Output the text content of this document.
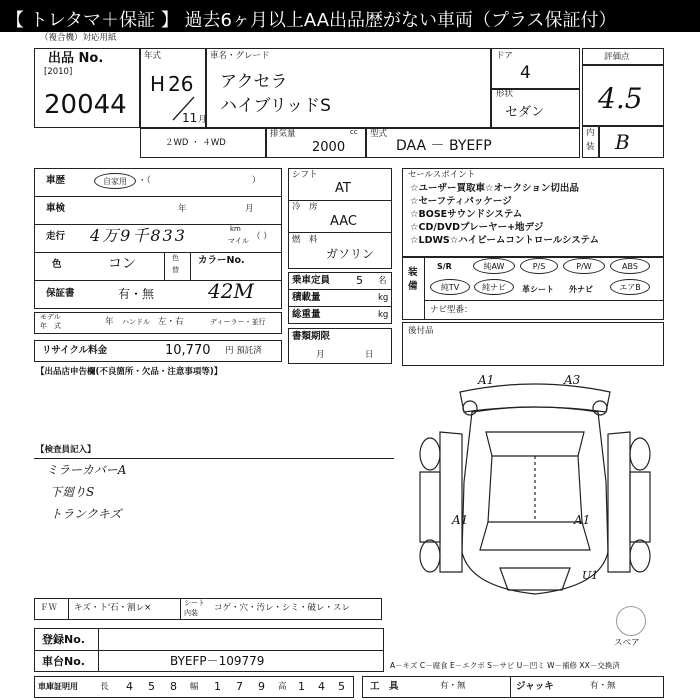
【 トレタマ＋保証 】 過去6ヶ月以上AA出品歴がない車両（プラス保証付）
（複合機）対応用紙
出品 No.
[2010]
20044
年式
H 26
11 月
車名・グレード
アクセラ
ハイブリッドS
ドア
4
形状
セダン
評価点
4.5
内
装 B
２WD ・ ４WD
排気量	cc
2000
型式
DAA － BYEFP
車歴	自家用	・（	）
車検	年	月
走行 4万9千833	km
マイル （ ）
色	コン	色
替
カラーNo.
保証書	有・無	42M
モデル
年　式	年 ハンドル 左・右	ディーラー・並行
リサイクル料金	10,770 円 預託済
シフト
AT
冷　房
AAC
燃　料
ガソリン
乗車定員 5 名
積載量	kg
総重量	kg
書類期限
月	日
セールスポイント
☆ユーザー買取車☆オークション切出品
☆セーフティパッケージ
☆BOSEサウンドシステム
☆CD/DVDプレーヤー+地デジ
☆LDWS☆ハイビームコントロールシステム
装
備
S/R	純AW	P/S	P/W	ABS
純TV	純ナビ	革シート 外ナビ	エアB
ナビ型番：
後付品
【出品店申告欄(不良箇所・欠品・注意事項等)】
【検査員記入】
ミラーカバーA
下廻りS
トランクキズ
A1	A3
A1	A1
U1
スペア
ＦＷ キズ・ト'石・割レ×	シート
内装 コゲ・穴・汚レ・シミ・破レ・スレ
登録No.
車台No.	BYEFP－109779	A－キズ C－腐食 E－エクボ S－サビ U－凹ミ W－補修 XX－交換済
車庫証明用	長 4 5 8 幅 1 7 9 高 1 4 5	工　具	有・無	ジャッキ	有・無
